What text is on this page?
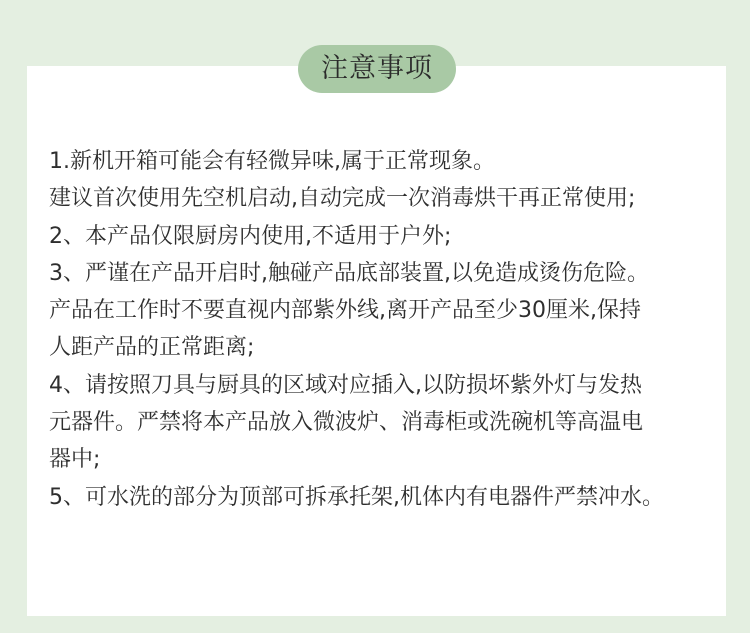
注意事项
1.新机开箱可能会有轻微异味,属于正常现象。
建议首次使用先空机启动,自动完成一次消毒烘干再正常使用;
2、本产品仅限厨房内使用,不适用于户外;
3、严谨在产品开启时,触碰产品底部装置,以免造成烫伤危险。
产品在工作时不要直视内部紫外线,离开产品至少30厘米,保持
人距产品的正常距离;
4、请按照刀具与厨具的区域对应插入,以防损坏紫外灯与发热
元器件。严禁将本产品放入微波炉、消毒柜或洗碗机等高温电
器中;
5、可水洗的部分为顶部可拆承托架,机体内有电器件严禁冲水。
